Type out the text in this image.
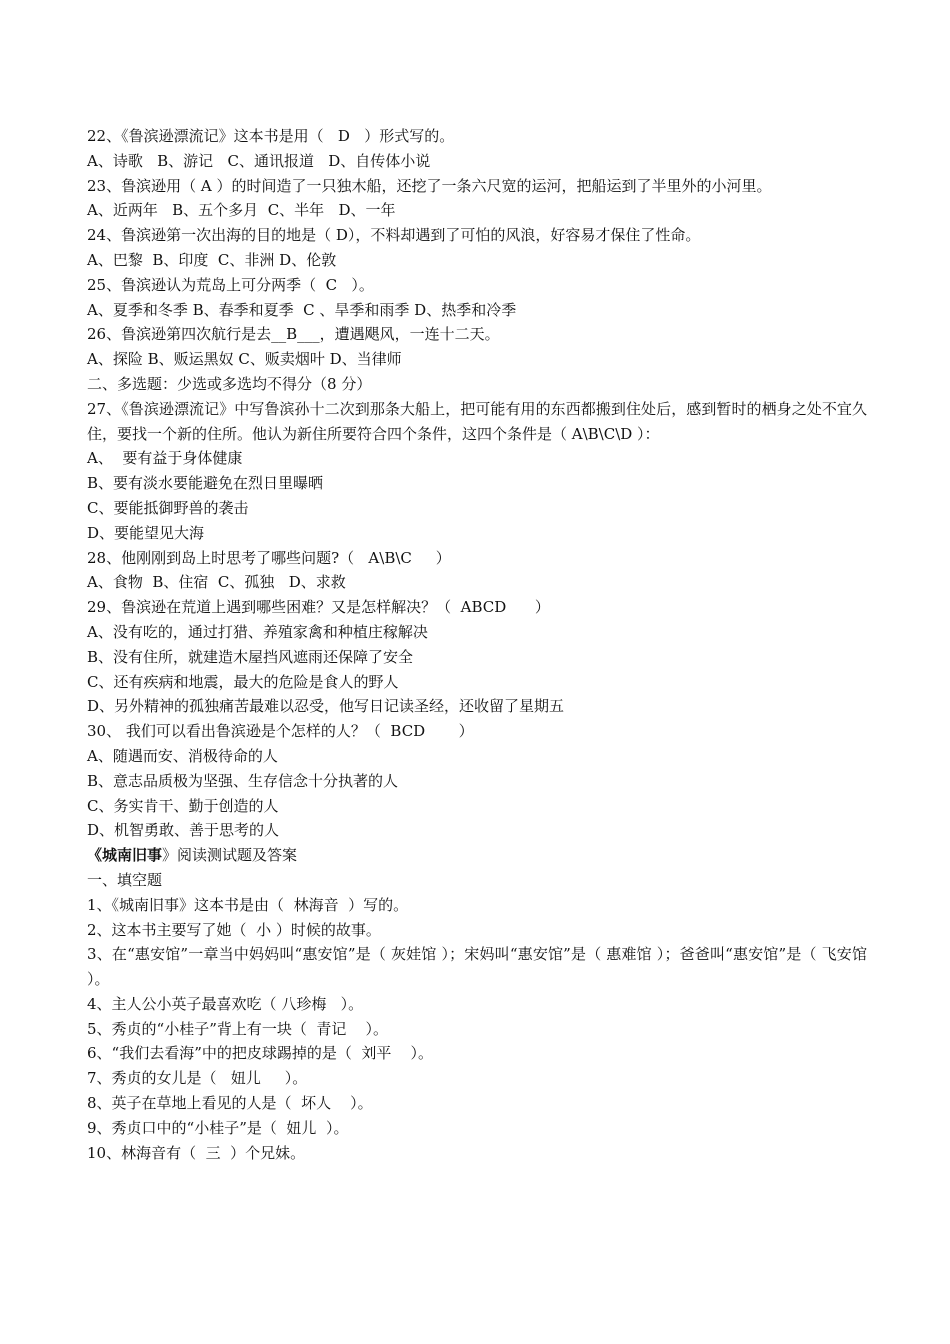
22、《鲁滨逊漂流记》这本书是用（   D   ）形式写的。
A、诗歌   B、游记   C、通讯报道   D、自传体小说
23、鲁滨逊用（ A ）的时间造了一只独木船，还挖了一条六尺宽的运河，把船运到了半里外的小河里。
A、近两年   B、五个多月  C、半年   D、一年
24、鲁滨逊第一次出海的目的地是（ D），不料却遇到了可怕的风浪，好容易才保住了性命。
A、巴黎  B、印度  C、非洲 D、伦敦
25、鲁滨逊认为荒岛上可分两季（  C   ）。
A、夏季和冬季 B、春季和夏季  C 、旱季和雨季 D、热季和冷季
26、鲁滨逊第四次航行是去__B___，遭遇飓风，一连十二天。
A、探险 B、贩运黑奴 C、贩卖烟叶 D、当律师
二、多选题：少选或多选均不得分（8 分）
27、《鲁滨逊漂流记》中写鲁滨孙十二次到那条大船上，把可能有用的东西都搬到住处后，感到暂时的栖身之处不宜久住，要找一个新的住所。他认为新住所要符合四个条件，这四个条件是（ A\B\C\D ）：
A、  要有益于身体健康
B、要有淡水要能避免在烈日里曝晒
C、要能抵御野兽的袭击
D、要能望见大海
28、他刚刚到岛上时思考了哪些问题?（   A\B\C     ）
A、食物  B、住宿  C、孤独   D、求救
29、鲁滨逊在荒道上遇到哪些困难？又是怎样解决？（  ABCD      ）
A、没有吃的，通过打猎、养殖家禽和种植庄稼解决
B、没有住所，就建造木屋挡风遮雨还保障了安全
C、还有疾病和地震，最大的危险是食人的野人
D、另外精神的孤独痛苦最难以忍受，他写日记读圣经，还收留了星期五
30、 我们可以看出鲁滨逊是个怎样的人？（  BCD       ）
A、随遇而安、消极待命的人
B、意志品质极为坚强、生存信念十分执著的人
C、务实肯干、勤于创造的人
D、机智勇敢、善于思考的人
《城南旧事》阅读测试题及答案
一、填空题
1、《城南旧事》这本书是由（  林海音  ）写的。
2、这本书主要写了她（  小 ）时候的故事。
3、在“惠安馆”一章当中妈妈叫“惠安馆”是（ 灰娃馆 ）；宋妈叫“惠安馆”是（ 惠难馆 ）；爸爸叫“惠安馆”是（ 飞安馆 ）。
4、主人公小英子最喜欢吃（ 八珍梅   ）。
5、秀贞的“小桂子”背上有一块（  青记    ）。
6、“我们去看海”中的把皮球踢掉的是（  刘平    ）。
7、秀贞的女儿是（   妞儿     ）。
8、英子在草地上看见的人是（  坏人    ）。
9、秀贞口中的“小桂子”是（  妞儿  ）。
10、林海音有（  三  ）个兄妹。
